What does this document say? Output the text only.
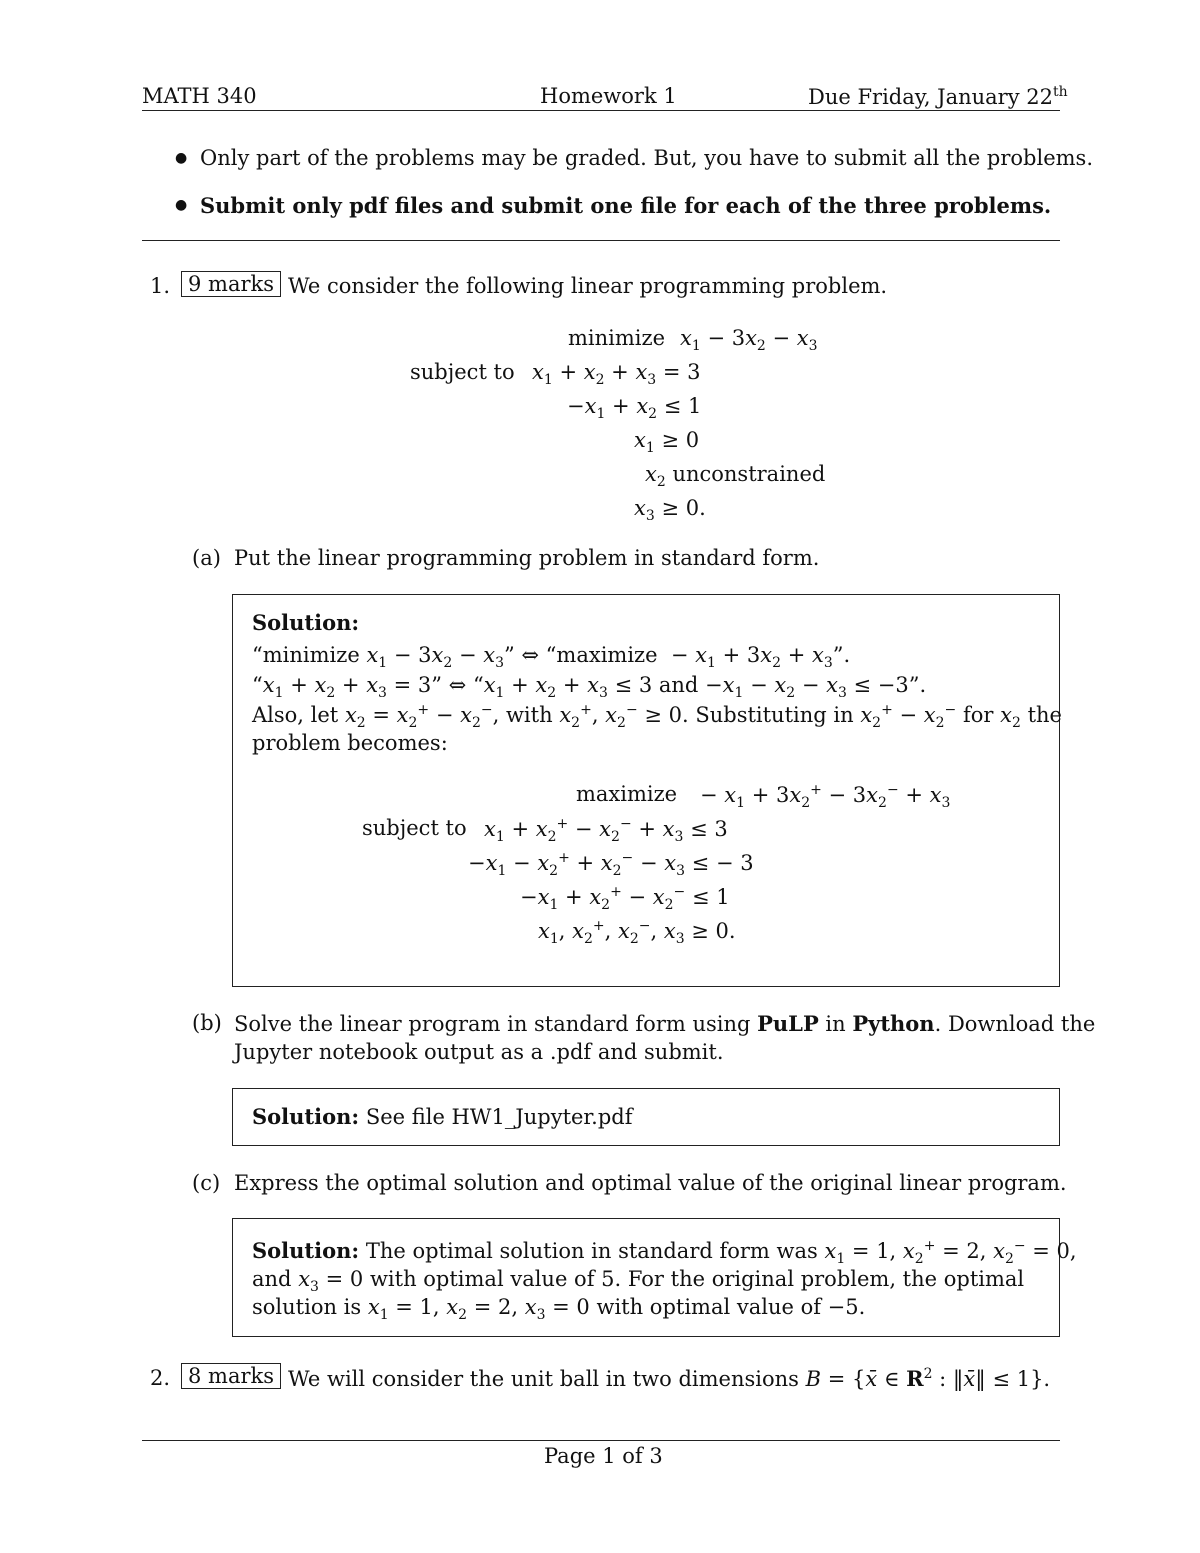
MATH 340	Homework 1	Due Friday, January 22th
● Only part of the problems may be graded. But, you have to submit all the problems.
● Submit only pdf files and submit one file for each of the three problems.
1. 9 marks We consider the following linear programming problem.
minimize $x_1 - 3x_2 - x_3$
subject to $x_1 + x_2 + x_3 = 3$
$-x_1 + x_2 \le 1$
$x_1 \ge 0$
$x_2$ unconstrained
$x_3 \ge 0$.
(a) Put the linear programming problem in standard form.
Solution:
“minimize $x_1 - 3x_2 - x_3$” ⇔ “maximize  − $x_1 + 3x_2 + x_3$”.
“$x_1 + x_2 + x_3 = 3$” ⇔ “$x_1 + x_2 + x_3 \le 3$ and $-x_1 - x_2 - x_3 \le -3$”.
Also, let $x_2 = x_2^+ - x_2^-$, with $x_2^+$, $x_2^- \ge 0$. Substituting in $x_2^+ - x_2^-$ for $x_2$ the
problem becomes:
maximize − $x_1 + 3x_2^+ - 3x_2^- + x_3$
subject to $x_1 + x_2^+ - x_2^- + x_3 \le 3$
$-x_1 - x_2^+ + x_2^- - x_3$ ≤ − 3
$-x_1 + x_2^+ - x_2^- \le 1$
$x_1$, $x_2^+$, $x_2^-$, $x_3 \ge 0$.
(b) Solve the linear program in standard form using PuLP in Python. Download the
Jupyter notebook output as a .pdf and submit.
Solution: See file HW1_Jupyter.pdf
(c) Express the optimal solution and optimal value of the original linear program.
Solution: The optimal solution in standard form was $x_1 = 1$, $x_2^+ = 2$, $x_2^- = 0$,
and $x_3 = 0$ with optimal value of 5. For the original problem, the optimal
solution is $x_1 = 1$, $x_2 = 2$, $x_3 = 0$ with optimal value of −5.
2. 8 marks We will consider the unit ball in two dimensions B = {x̄ ∈ $R^2$ : ‖x̄‖ ≤ 1}.
Page 1 of 3
